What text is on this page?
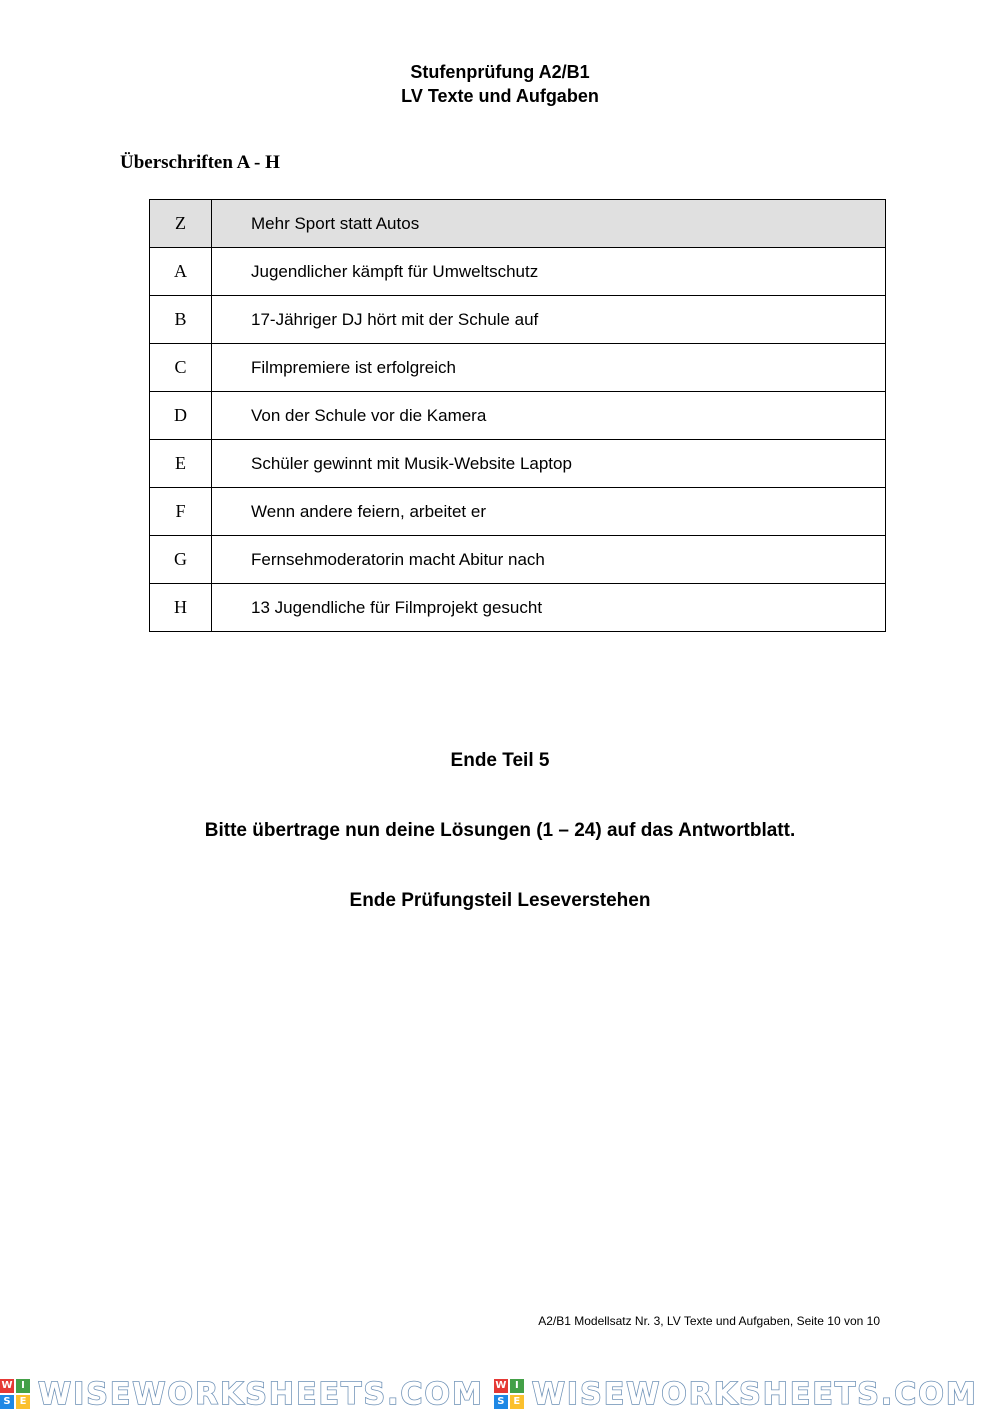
Stufenprüfung A2/B1
LV Texte und Aufgaben
Überschriften A - H
Z	Mehr Sport statt Autos
A	Jugendlicher kämpft für Umweltschutz
B	17-Jähriger DJ hört mit der Schule auf
C	Filmpremiere ist erfolgreich
D	Von der Schule vor die Kamera
E	Schüler gewinnt mit Musik-Website Laptop
F	Wenn andere feiern, arbeitet er
G	Fernsehmoderatorin macht Abitur nach
H	13 Jugendliche für Filmprojekt gesucht
Ende Teil 5
Bitte übertrage nun deine Lösungen (1 – 24) auf das Antwortblatt.
Ende Prüfungsteil Leseverstehen
A2/B1 Modellsatz Nr. 3, LV Texte und Aufgaben, Seite 10 von 10
W I
S E WISEWORKSHEETS.COM W I
S E WISEWORKSHEETS.COM
